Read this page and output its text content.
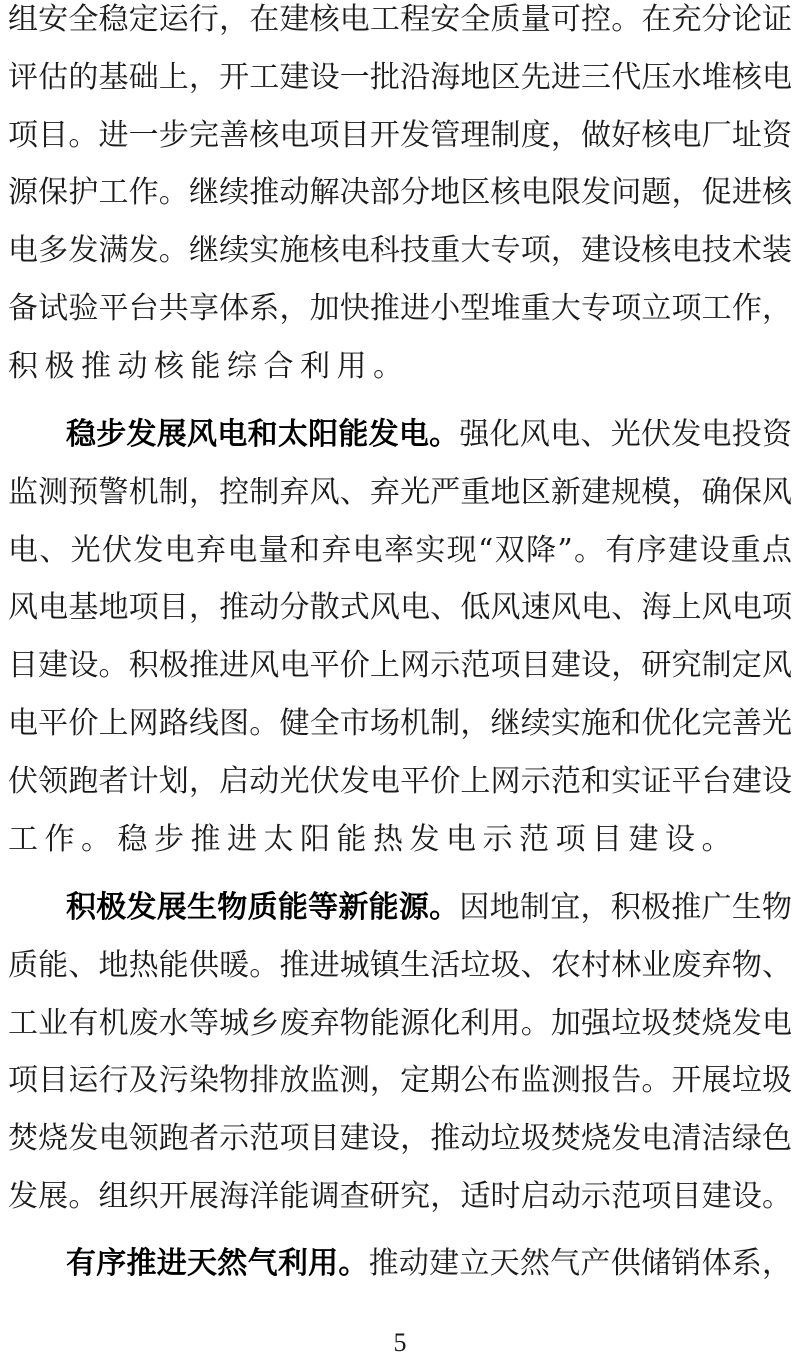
组安全稳定运行，在建核电工程安全质量可控。在充分论证
评估的基础上，开工建设一批沿海地区先进三代压水堆核电
项目。进一步完善核电项目开发管理制度，做好核电厂址资
源保护工作。继续推动解决部分地区核电限发问题，促进核
电多发满发。继续实施核电科技重大专项，建设核电技术装
备试验平台共享体系，加快推进小型堆重大专项立项工作，
积极推动核能综合利用。
稳步发展风电和太阳能发电。强化风电、光伏发电投资
监测预警机制，控制弃风、弃光严重地区新建规模，确保风
电、光伏发电弃电量和弃电率实现“双降”。有序建设重点
风电基地项目，推动分散式风电、低风速风电、海上风电项
目建设。积极推进风电平价上网示范项目建设，研究制定风
电平价上网路线图。健全市场机制，继续实施和优化完善光
伏领跑者计划，启动光伏发电平价上网示范和实证平台建设
工作。稳步推进太阳能热发电示范项目建设。
积极发展生物质能等新能源。因地制宜，积极推广生物
质能、地热能供暖。推进城镇生活垃圾、农村林业废弃物、
工业有机废水等城乡废弃物能源化利用。加强垃圾焚烧发电
项目运行及污染物排放监测，定期公布监测报告。开展垃圾
焚烧发电领跑者示范项目建设，推动垃圾焚烧发电清洁绿色
发展。组织开展海洋能调查研究，适时启动示范项目建设。
有序推进天然气利用。推动建立天然气产供储销体系，
5
